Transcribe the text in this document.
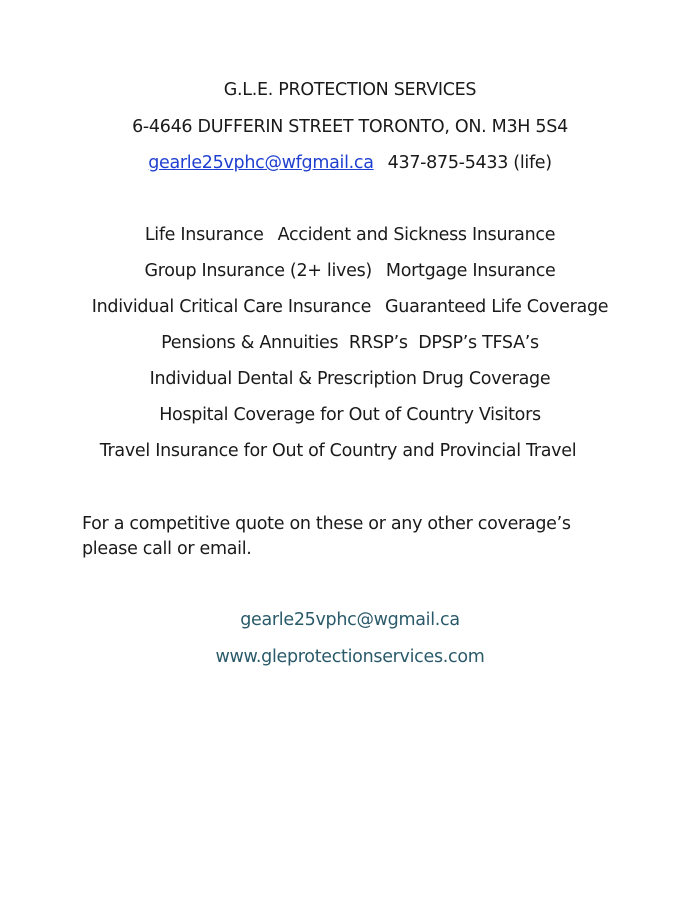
G.L.E. PROTECTION SERVICES
6-4646 DUFFERIN STREET TORONTO, ON. M3H 5S4
gearle25vphc@wfgmail.ca 437-875-5433 (life)
Life Insurance Accident and Sickness Insurance
Group Insurance (2+ lives) Mortgage Insurance
Individual Critical Care Insurance Guaranteed Life Coverage
Pensions & Annuities  RRSP’s  DPSP’s TFSA’s
Individual Dental & Prescription Drug Coverage
Hospital Coverage for Out of Country Visitors
Travel Insurance for Out of Country and Provincial Travel
For a competitive quote on these or any other coverage’s
please call or email.
gearle25vphc@wgmail.ca
www.gleprotectionservices.com
